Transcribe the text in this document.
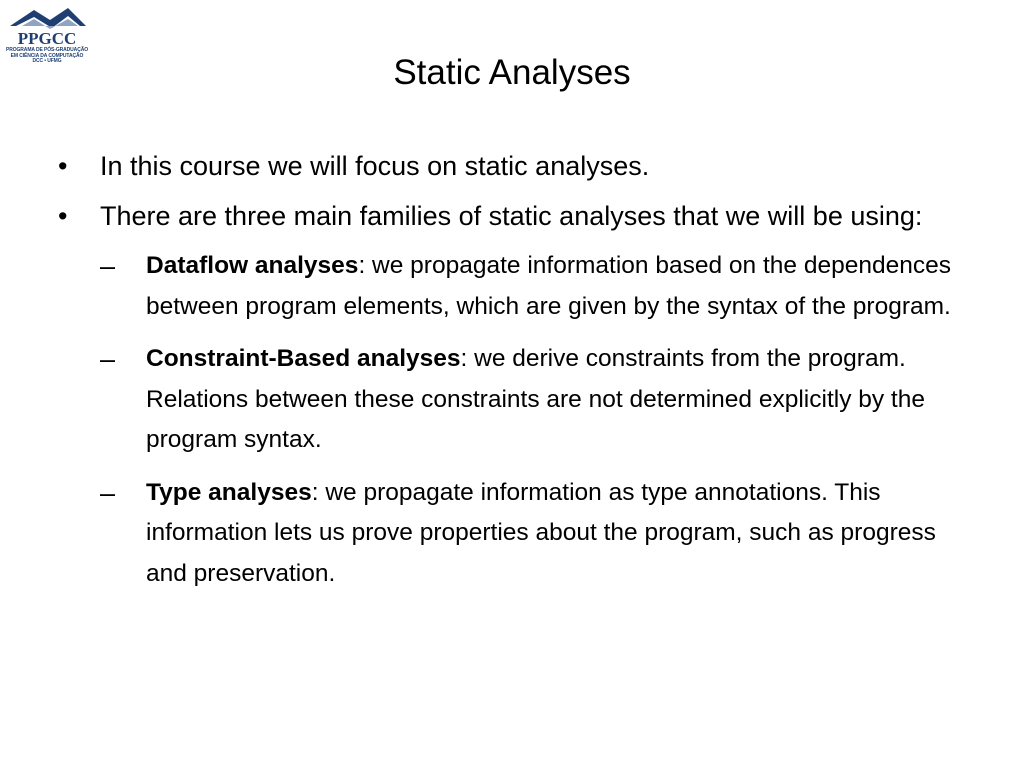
PPGCC
PROGRAMA DE PÓS-GRADUAÇÃO
EM CIÊNCIA DA COMPUTAÇÃO
DCC • UFMG	Static Analyses
• In this course we will focus on static analyses.
• There are three main families of static analyses that we will be using:
– Dataflow analyses: we propagate information based on the dependences between program elements, which are given by the syntax of the program.
– Constraint-Based analyses: we derive constraints from the program. Relations between these constraints are not determined explicitly by the program syntax.
– Type analyses: we propagate information as type annotations. This information lets us prove properties about the program, such as progress and preservation.
